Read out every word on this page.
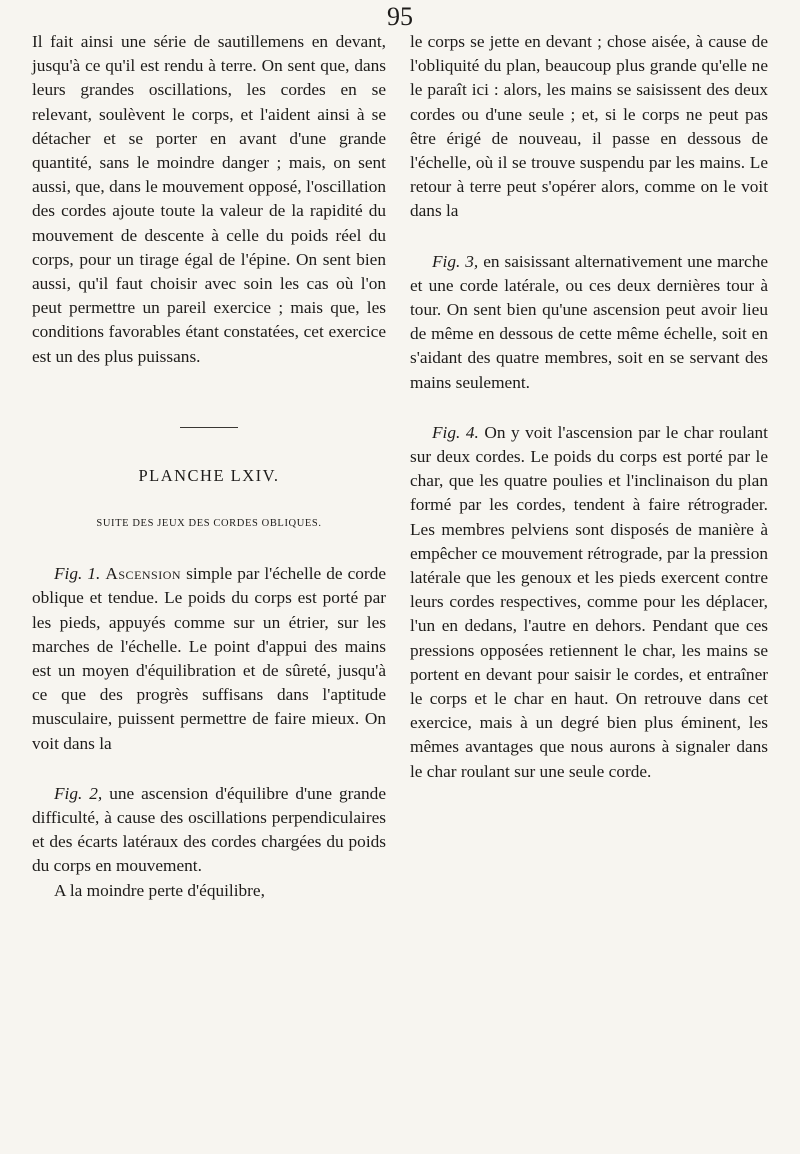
95

Il fait ainsi une série de sautillemens en devant, jusqu'à ce qu'il est rendu à terre. On sent que, dans leurs grandes oscillations, les cordes en se relevant, soulèvent le corps, et l'aident ainsi à se détacher et se porter en avant d'une grande quantité, sans le moindre danger ; mais, on sent aussi, que, dans le mouvement opposé, l'oscillation des cordes ajoute toute la valeur de la rapidité du mouvement de descente à celle du poids réel du corps, pour un tirage égal de l'épine. On sent bien aussi, qu'il faut choisir avec soin les cas où l'on peut permettre un pareil exercice ; mais que, les conditions favorables étant constatées, cet exercice est un des plus puissans.

PLANCHE LXIV.

SUITE DES JEUX DES CORDES OBLIQUES.

Fig. 1. Ascension simple par l'échelle de corde oblique et tendue. Le poids du corps est porté par les pieds, appuyés comme sur un étrier, sur les marches de l'échelle. Le point d'appui des mains est un moyen d'équilibration et de sûreté, jusqu'à ce que des progrès suffisans dans l'aptitude musculaire, puissent permettre de faire mieux. On voit dans la

Fig. 2, une ascension d'équilibre d'une grande difficulté, à cause des oscillations perpendiculaires et des écarts latéraux des cordes chargées du poids du corps en mouvement.

A la moindre perte d'équilibre,

le corps se jette en devant ; chose aisée, à cause de l'obliquité du plan, beaucoup plus grande qu'elle ne le paraît ici : alors, les mains se saisissent des deux cordes ou d'une seule ; et, si le corps ne peut pas être érigé de nouveau, il passe en dessous de l'échelle, où il se trouve suspendu par les mains. Le retour à terre peut s'opérer alors, comme on le voit dans la

Fig. 3, en saisissant alternativement une marche et une corde latérale, ou ces deux dernières tour à tour. On sent bien qu'une ascension peut avoir lieu de même en dessous de cette même échelle, soit en s'aidant des quatre membres, soit en se servant des mains seulement.

Fig. 4. On y voit l'ascension par le char roulant sur deux cordes. Le poids du corps est porté par le char, que les quatre poulies et l'inclinaison du plan formé par les cordes, tendent à faire rétrograder. Les membres pelviens sont disposés de manière à empêcher ce mouvement rétrograde, par la pression latérale que les genoux et les pieds exercent contre leurs cordes respectives, comme pour les déplacer, l'un en dedans, l'autre en dehors. Pendant que ces pressions opposées retiennent le char, les mains se portent en devant pour saisir le cordes, et entraîner le corps et le char en haut. On retrouve dans cet exercice, mais à un degré bien plus éminent, les mêmes avantages que nous aurons à signaler dans le char roulant sur une seule corde.
